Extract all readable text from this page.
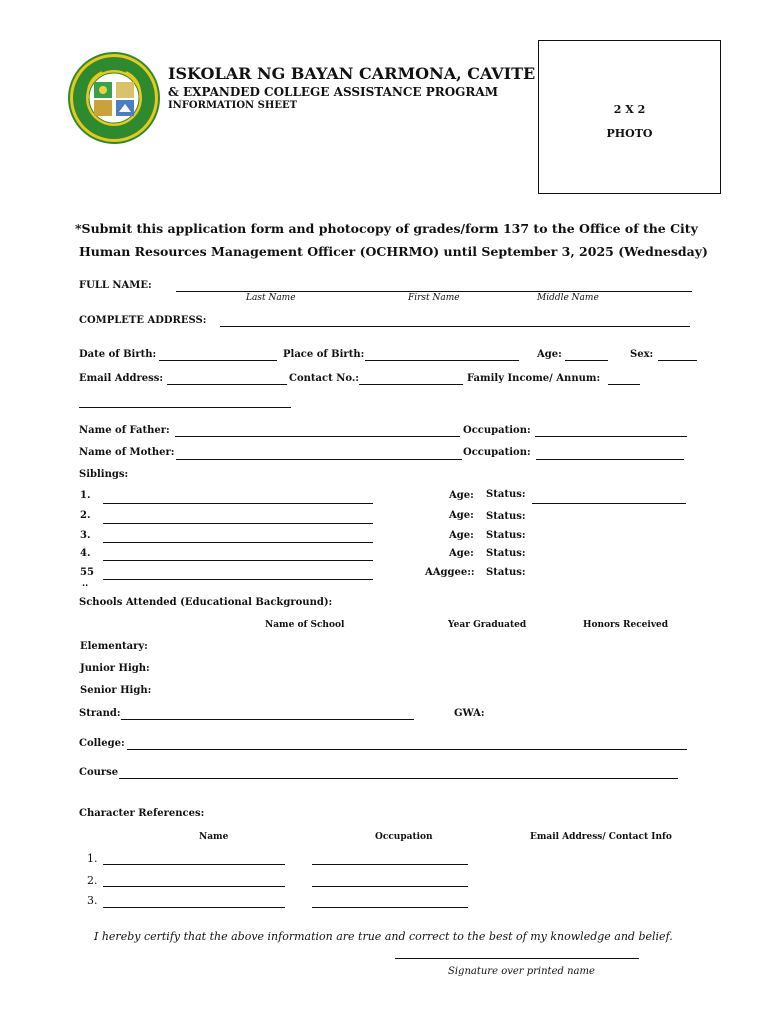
ISKOLAR NG BAYAN CARMONA, CAVITE
& EXPANDED COLLEGE ASSISTANCE PROGRAM
INFORMATION SHEET	2 X 2
PHOTO
*Submit this application form and photocopy of grades/form 137 to the Office of the City
Human Resources Management Officer (OCHRMO) until September 3, 2025 (Wednesday)
FULL NAME:
Last Name	First Name	Middle Name
COMPLETE ADDRESS:
Date of Birth:	Place of Birth:	Age:	Sex:
Email Address:	Contact No.:	Family Income/ Annum:
Name of Father:	Occupation:
Name of Mother:	Occupation:
Siblings:
1.	Age: Status:
2.	Age: Status:
3.	Age: Status:
4.	Age: Status:
55	AAggee:: Status:
..
Schools Attended (Educational Background):
Name of School	Year Graduated	Honors Received
Elementary:
Junior High:
Senior High:
Strand:	GWA:
College:
Course
Character References:
Name	Occupation	Email Address/ Contact Info
1.
2.
3.
I hereby certify that the above information are true and correct to the best of my knowledge and belief.
Signature over printed name
